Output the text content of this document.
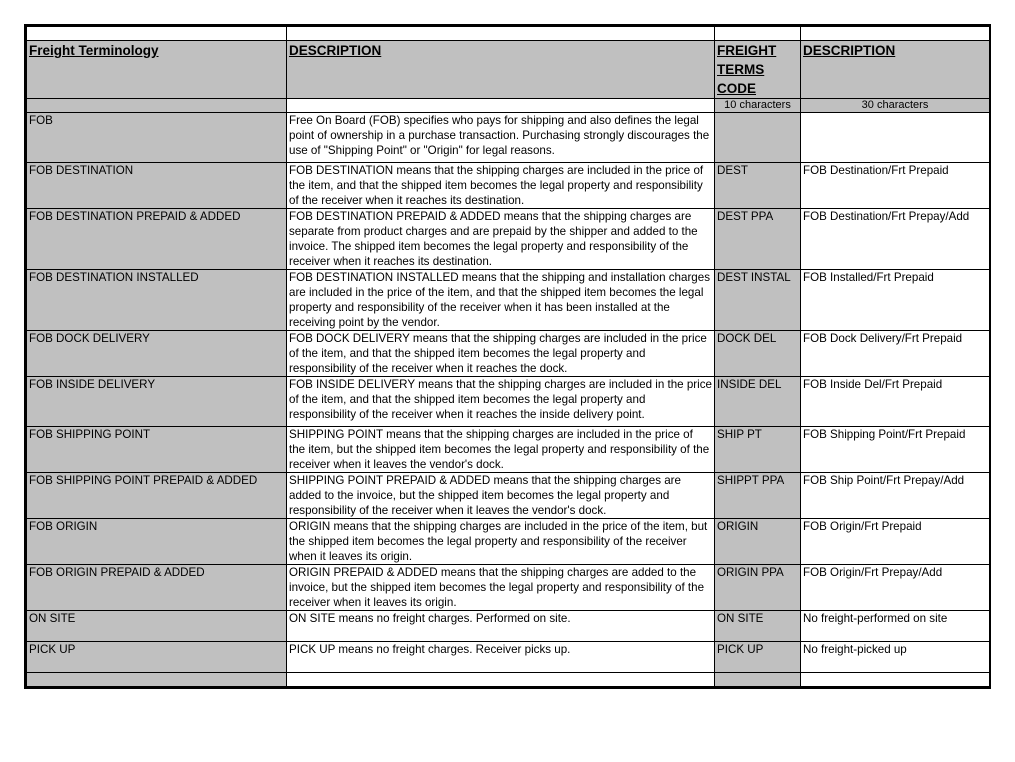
Freight Terminology	DESCRIPTION	FREIGHT TERMS CODE	DESCRIPTION
		10 characters	30 characters
FOB	Free On Board (FOB) specifies who pays for shipping and also defines the legal point of ownership in a purchase transaction. Purchasing strongly discourages the use of "Shipping Point" or "Origin" for legal reasons.		
FOB DESTINATION	FOB DESTINATION means that the shipping charges are included in the price of the item, and that the shipped item becomes the legal property and responsibility of the receiver when it reaches its destination.	DEST	FOB Destination/Frt Prepaid
FOB DESTINATION PREPAID & ADDED	FOB DESTINATION PREPAID & ADDED means that the shipping charges are separate from product charges and are prepaid by the shipper and added to the invoice. The shipped item becomes the legal property and responsibility of the receiver when it reaches its destination.	DEST PPA	FOB Destination/Frt Prepay/Add
FOB DESTINATION INSTALLED	FOB DESTINATION INSTALLED means that the shipping and installation charges are included in the price of the item, and that the shipped item becomes the legal property and responsibility of the receiver when it has been installed at the receiving point by the vendor.	DEST INSTAL	FOB Installed/Frt Prepaid
FOB DOCK DELIVERY	FOB DOCK DELIVERY means that the shipping charges are included in the price of the item, and that the shipped item becomes the legal property and responsibility of the receiver when it reaches the dock.	DOCK DEL	FOB Dock Delivery/Frt Prepaid
FOB INSIDE DELIVERY	FOB INSIDE DELIVERY means that the shipping charges are included in the price of the item, and that the shipped item becomes the legal property and responsibility of the receiver when it reaches the inside delivery point.	INSIDE DEL	FOB Inside Del/Frt Prepaid
FOB SHIPPING POINT	SHIPPING POINT means that the shipping charges are included in the price of the item, but the shipped item becomes the legal property and responsibility of the receiver when it leaves the vendor's dock.	SHIP PT	FOB Shipping Point/Frt Prepaid
FOB SHIPPING POINT PREPAID & ADDED	SHIPPING POINT PREPAID & ADDED means that the shipping charges are added to the invoice, but the shipped item becomes the legal property and responsibility of the receiver when it leaves the vendor's dock.	SHIPPT PPA	FOB Ship Point/Frt Prepay/Add
FOB ORIGIN	ORIGIN means that the shipping charges are included in the price of the item, but the shipped item becomes the legal property and responsibility of the receiver when it leaves its origin.	ORIGIN	FOB Origin/Frt Prepaid
FOB ORIGIN PREPAID & ADDED	ORIGIN PREPAID & ADDED means that the shipping charges are added to the invoice, but the shipped item becomes the legal property and responsibility of the receiver when it leaves its origin.	ORIGIN PPA	FOB Origin/Frt Prepay/Add
ON SITE	ON SITE means no freight charges. Performed on site.	ON SITE	No freight-performed on site
PICK UP	PICK UP means no freight charges. Receiver picks up.	PICK UP	No freight-picked up
